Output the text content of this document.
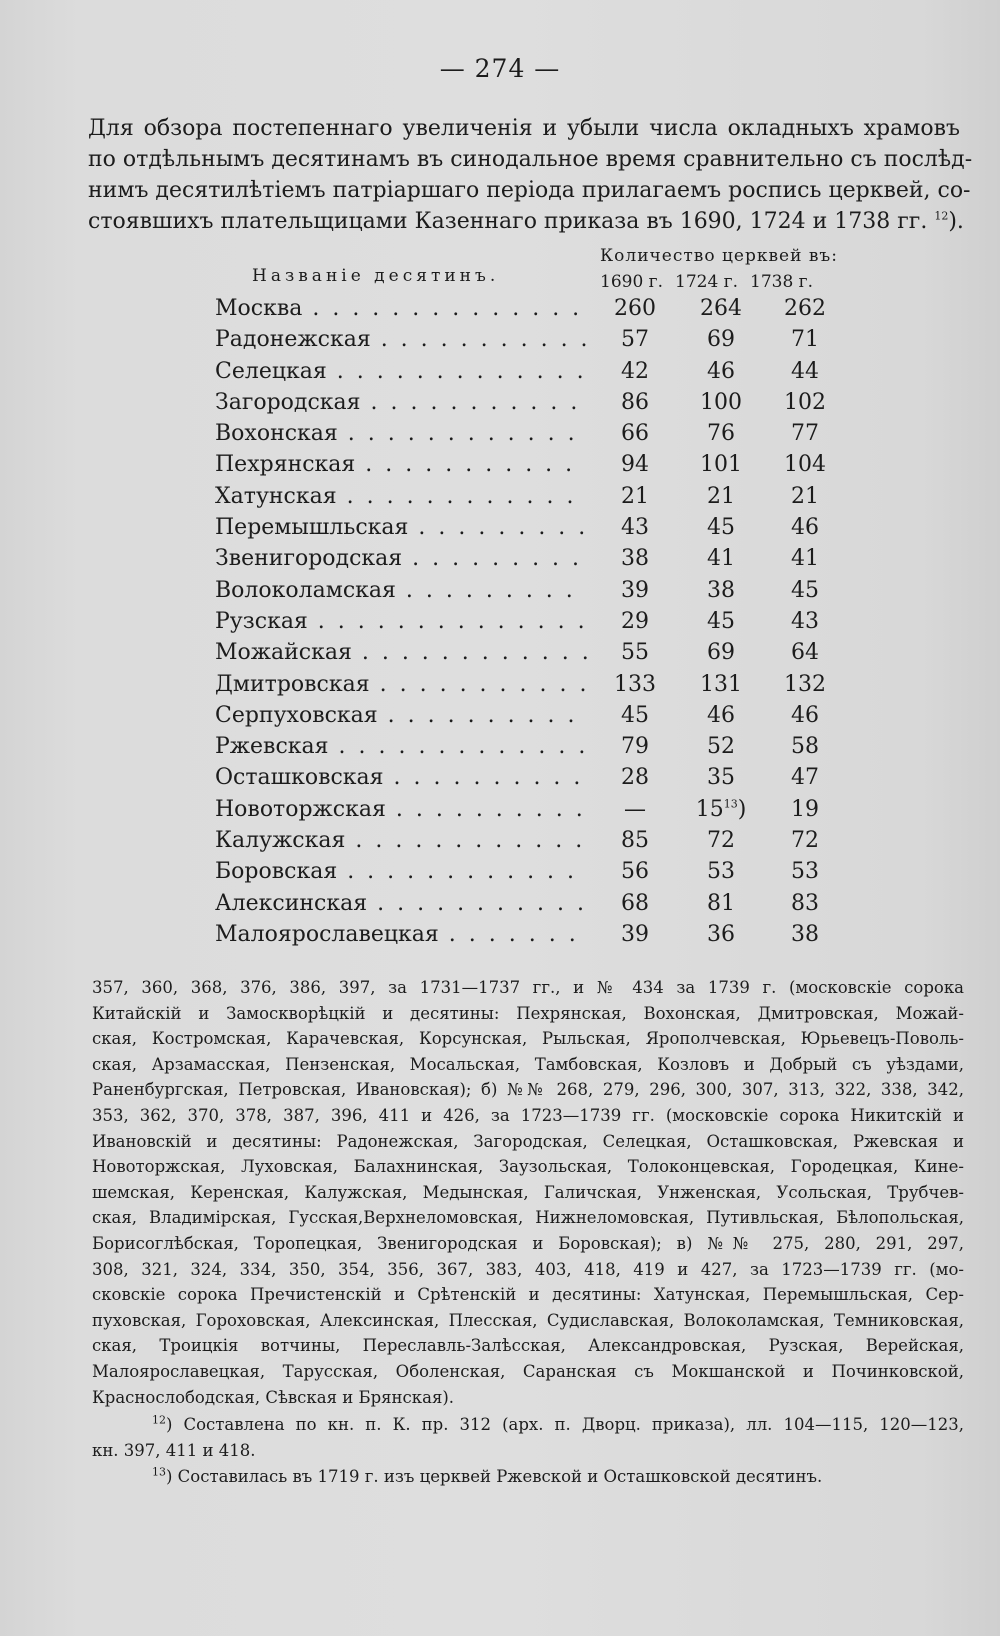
— 274 —
Для обзора постепеннаго увеличенія и убыли числа окладныхъ храмовъ
по отдѣльнымъ десятинамъ въ синодальное время сравнительно съ послѣд-
нимъ десятилѣтіемъ патріаршаго періода прилагаемъ роспись церквей, со-
стоявшихъ плательщицами Казеннаго приказа въ 1690, 1724 и 1738 гг. $^{12}$).
Названіе десятинъ.
Количество церквей въ:
1690 г. 1724 г. 1738 г.
Москва . . .	260	264	262
Радонежская . . .	57	69	71
Селецкая . . .	42	46	44
Загородская . . .	86	100	102
Вохонская . . .	66	76	77
Пехрянская . . .	94	101	104
Хатунская . . .	21	21	21
Перемышльская . . .	43	45	46
Звенигородская . . .	38	41	41
Волоколамская . . .	39	38	45
Рузская . . .	29	45	43
Можайская . . .	55	69	64
Дмитровская . . .	133	131	132
Серпуховская . . .	45	46	46
Ржевская . . .	79	52	58
Осташковская . . .	28	35	47
Новоторжская . . .	—	$15^{13}$)	19
Калужская . . .	85	72	72
Боровская . . .	56	53	53
Алексинская . . .	68	81	83
Малоярославецкая . . .	39	36	38
357, 360, 368, 376, 386, 397, за 1731—1737 гг., и № 434 за 1739 г. (московскіе сорока
Китайскій и Замоскворѣцкій и десятины: Пехрянская, Вохонская, Дмитровская, Можай-
ская, Костромская, Карачевская, Корсунская, Рыльская, Ярополчевская, Юрьевецъ-Поволь-
ская, Арзамасская, Пензенская, Мосальская, Тамбовская, Козловъ и Добрый съ уѣздами,
Раненбургская, Петровская, Ивановская); б) №№ 268, 279, 296, 300, 307, 313, 322, 338, 342,
353, 362, 370, 378, 387, 396, 411 и 426, за 1723—1739 гг. (московскіе сорока Никитскій и
Ивановскій и десятины: Радонежская, Загородская, Селецкая, Осташковская, Ржевская и
Новоторжская, Луховская, Балахнинская, Заузольская, Толоконцевская, Городецкая, Кине-
шемская, Керенская, Калужская, Медынская, Галичская, Унженская, Усольская, Трубчев-
ская, Владимірская, Гусская,Верхнеломовская, Нижнеломовская, Путивльская, Бѣлопольская,
Борисоглѣбская, Торопецкая, Звенигородская и Боровская); в) №№ 275, 280, 291, 297,
308, 321, 324, 334, 350, 354, 356, 367, 383, 403, 418, 419 и 427, за 1723—1739 гг. (мо-
сковскіе сорока Пречистенскій и Срѣтенскій и десятины: Хатунская, Перемышльская, Сер-
пуховская, Гороховская, Алексинская, Плесская, Судиславская, Волоколамская, Темниковская,
ская, Троицкія вотчины, Переславль-Залѣсская, Александровская, Рузская, Верейская,
Малоярославецкая, Тарусская, Оболенская, Саранская съ Мокшанской и Починковской,
Краснослободская, Сѣвская и Брянская).
$^{12}$) Составлена по кн. п. К. пр. 312 (арх. п. Дворц. приказа), лл. 104—115, 120—123,
кн. 397, 411 и 418.
$^{13}$) Составилась въ 1719 г. изъ церквей Ржевской и Осташковской десятинъ.
